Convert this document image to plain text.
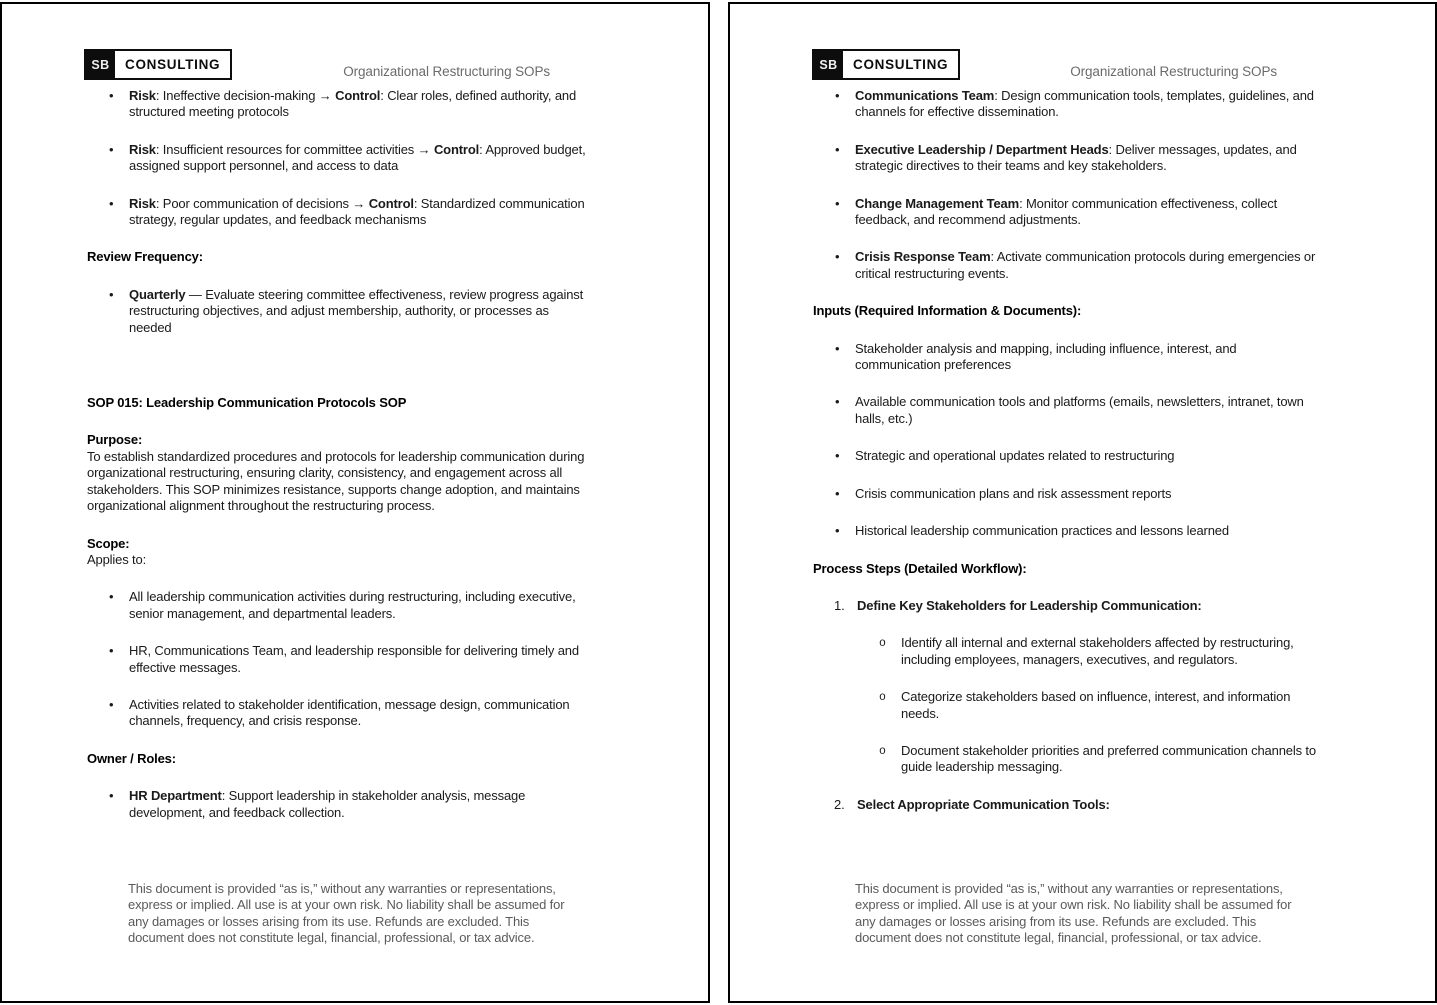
SB	CONSULTING	Organizational Restructuring SOPs
• Risk: Ineffective decision-making → Control: Clear roles, defined authority, and structured meeting protocols
• Risk: Insufficient resources for committee activities → Control: Approved budget, assigned support personnel, and access to data
• Risk: Poor communication of decisions → Control: Standardized communication strategy, regular updates, and feedback mechanisms
Review Frequency:
• Quarterly — Evaluate steering committee effectiveness, review progress against restructuring objectives, and adjust membership, authority, or processes as needed
SOP 015: Leadership Communication Protocols SOP
Purpose:
To establish standardized procedures and protocols for leadership communication during organizational restructuring, ensuring clarity, consistency, and engagement across all stakeholders. This SOP minimizes resistance, supports change adoption, and maintains organizational alignment throughout the restructuring process.
Scope:
Applies to:
• All leadership communication activities during restructuring, including executive, senior management, and departmental leaders.
• HR, Communications Team, and leadership responsible for delivering timely and effective messages.
• Activities related to stakeholder identification, message design, communication channels, frequency, and crisis response.
Owner / Roles:
• HR Department: Support leadership in stakeholder analysis, message development, and feedback collection.
This document is provided “as is,” without any warranties or representations, express or implied. All use is at your own risk. No liability shall be assumed for any damages or losses arising from its use. Refunds are excluded. This document does not constitute legal, financial, professional, or tax advice.
SB	CONSULTING	Organizational Restructuring SOPs
• Communications Team: Design communication tools, templates, guidelines, and channels for effective dissemination.
• Executive Leadership / Department Heads: Deliver messages, updates, and strategic directives to their teams and key stakeholders.
• Change Management Team: Monitor communication effectiveness, collect feedback, and recommend adjustments.
• Crisis Response Team: Activate communication protocols during emergencies or critical restructuring events.
Inputs (Required Information & Documents):
• Stakeholder analysis and mapping, including influence, interest, and communication preferences
• Available communication tools and platforms (emails, newsletters, intranet, town halls, etc.)
• Strategic and operational updates related to restructuring
• Crisis communication plans and risk assessment reports
• Historical leadership communication practices and lessons learned
Process Steps (Detailed Workflow):
1. Define Key Stakeholders for Leadership Communication:
o Identify all internal and external stakeholders affected by restructuring, including employees, managers, executives, and regulators.
o Categorize stakeholders based on influence, interest, and information needs.
o Document stakeholder priorities and preferred communication channels to guide leadership messaging.
2. Select Appropriate Communication Tools:
This document is provided “as is,” without any warranties or representations, express or implied. All use is at your own risk. No liability shall be assumed for any damages or losses arising from its use. Refunds are excluded. This document does not constitute legal, financial, professional, or tax advice.
